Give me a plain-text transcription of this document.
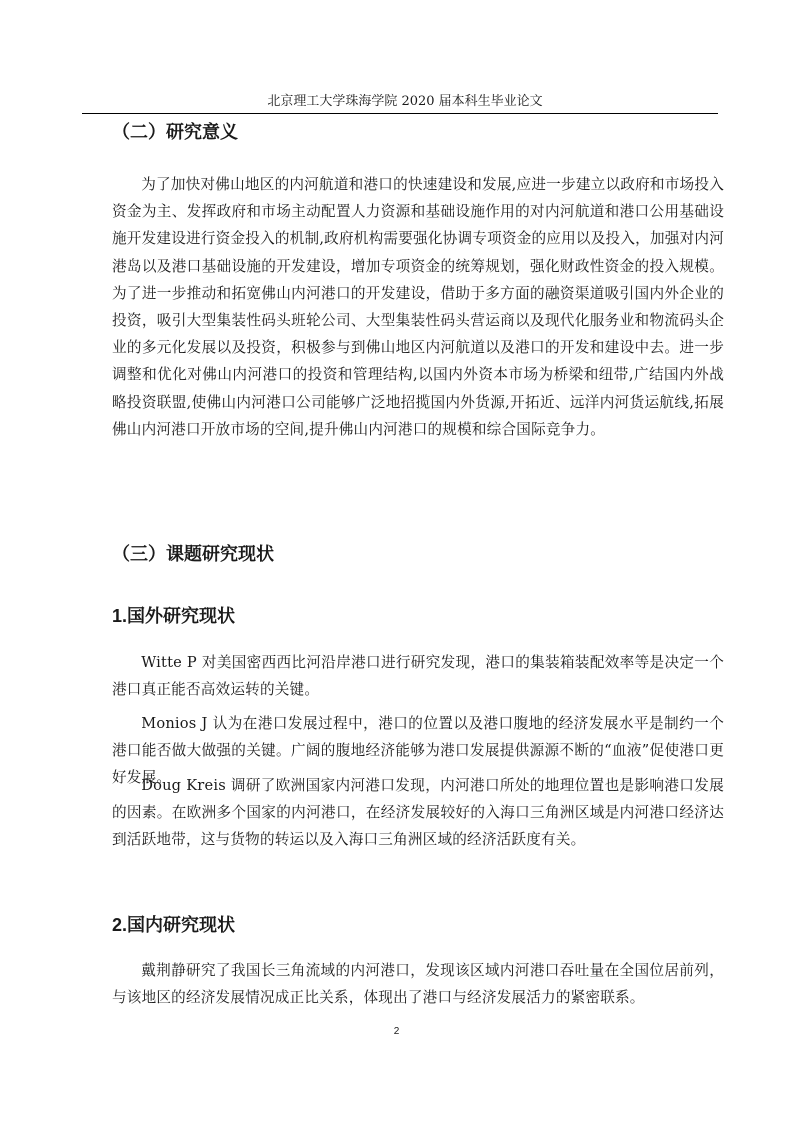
北京理工大学珠海学院 2020 届本科生毕业论文
（二）研究意义

为了加快对佛山地区的内河航道和港口的快速建设和发展,应进一步建立以政府和市场投入资金为主、发挥政府和市场主动配置人力资源和基础设施作用的对内河航道和港口公用基础设施开发建设进行资金投入的机制,政府机构需要强化协调专项资金的应用以及投入，加强对内河港岛以及港口基础设施的开发建设，增加专项资金的统筹规划，强化财政性资金的投入规模。为了进一步推动和拓宽佛山内河港口的开发建设，借助于多方面的融资渠道吸引国内外企业的投资，吸引大型集装性码头班轮公司、大型集装性码头营运商以及现代化服务业和物流码头企业的多元化发展以及投资，积极参与到佛山地区内河航道以及港口的开发和建设中去。进一步调整和优化对佛山内河港口的投资和管理结构,以国内外资本市场为桥梁和纽带,广结国内外战略投资联盟,使佛山内河港口公司能够广泛地招揽国内外货源,开拓近、远洋内河货运航线,拓展佛山内河港口开放市场的空间,提升佛山内河港口的规模和综合国际竞争力。

（三）课题研究现状
1.国外研究现状

Witte P 对美国密西西比河沿岸港口进行研究发现，港口的集装箱装配效率等是决定一个港口真正能否高效运转的关键。

Monios J 认为在港口发展过程中，港口的位置以及港口腹地的经济发展水平是制约一个港口能否做大做强的关键。广阔的腹地经济能够为港口发展提供源源不断的“血液”促使港口更好发展。

Doug Kreis 调研了欧洲国家内河港口发现，内河港口所处的地理位置也是影响港口发展的因素。在欧洲多个国家的内河港口，在经济发展较好的入海口三角洲区域是内河港口经济达到活跃地带，这与货物的转运以及入海口三角洲区域的经济活跃度有关。

2.国内研究现状

戴荆静研究了我国长三角流域的内河港口，发现该区域内河港口吞吐量在全国位居前列，与该地区的经济发展情况成正比关系，体现出了港口与经济发展活力的紧密联系。

2
